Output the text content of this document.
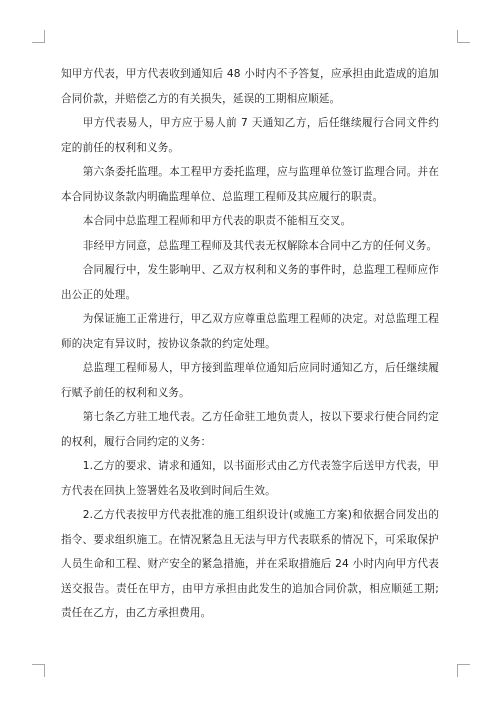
知甲方代表，甲方代表收到通知后 48 小时内不予答复，应承担由此造成的追加合同价款，并赔偿乙方的有关损失，延误的工期相应顺延。

甲方代表易人，甲方应于易人前 7 天通知乙方，后任继续履行合同文件约定的前任的权利和义务。

第六条委托监理。本工程甲方委托监理，应与监理单位签订监理合同。并在本合同协议条款内明确监理单位、总监理工程师及其应履行的职责。

本合同中总监理工程师和甲方代表的职责不能相互交叉。

非经甲方同意，总监理工程师及其代表无权解除本合同中乙方的任何义务。

合同履行中，发生影响甲、乙双方权利和义务的事件时，总监理工程师应作出公正的处理。

为保证施工正常进行，甲乙双方应尊重总监理工程师的决定。对总监理工程师的决定有异议时，按协议条款的约定处理。

总监理工程师易人，甲方接到监理单位通知后应同时通知乙方，后任继续履行赋予前任的权利和义务。

第七条乙方驻工地代表。乙方任命驻工地负责人，按以下要求行使合同约定的权利，履行合同约定的义务：

1.乙方的要求、请求和通知，以书面形式由乙方代表签字后送甲方代表，甲方代表在回执上签署姓名及收到时间后生效。

2.乙方代表按甲方代表批准的施工组织设计(或施工方案)和依据合同发出的指令、要求组织施工。在情况紧急且无法与甲方代表联系的情况下，可采取保护人员生命和工程、财产安全的紧急措施，并在采取措施后 24 小时内向甲方代表送交报告。责任在甲方，由甲方承担由此发生的追加合同价款，相应顺延工期;责任在乙方，由乙方承担费用。
